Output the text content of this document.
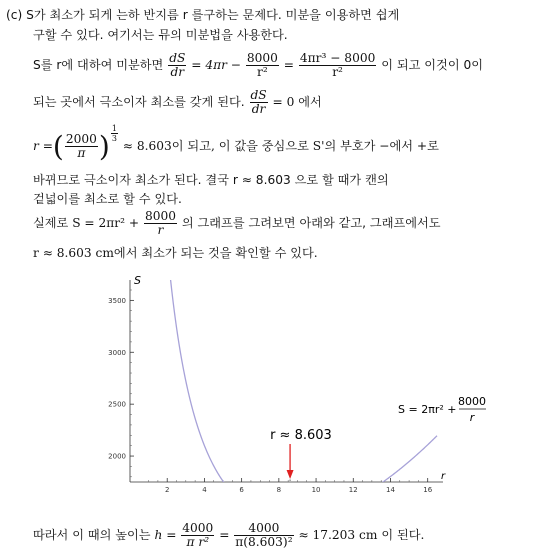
(c) S가 최소가 되게 는하 반지름 r 를구하는 문제다. 미분을 이용하면 쉽게
구할 수 있다. 여기서는 뮤의 미분법을 사용한다.
S를 r에 대하여 미분하면 $\frac{dS}{dr} = 4\pi r - \frac{8000}{\text{r²}} = \frac{\text{4πr³ − 8000}}{\text{r²}}$ 이 되고 이것이 0이
되는 곳에서 극소이자 최소를 갖게 된다. $\frac{dS}{dr} = 0$ 에서
r =( $\frac{2000}{\pi}$ ) $\frac{1}{3}$
≈ 8.603이 되고, 이 값을 중심으로 S'의 부호가 −에서 +로
바뀌므로 극소이자 최소가 된다. 결국 r ≈ 8.603 으로 할 때가 캔의
겉넓이를 최소로 할 수 있다.
실제로 $S = 2\pi r^2 + \frac{8000}{r}$ 의 그래프를 그려보면 아래와 같고, 그래프에서도
r ≈ 8.603 cm에서 최소가 되는 것을 확인할 수 있다.
2	4	6	8	10	12	14	16
2000
2500
3000
3500
r ≈ 8.603
S
r
S = 2πr² +
8000
r
따라서 이 때의 높이는 $h = \frac{4000}{\text{π r²}} = \frac{4000}{\text{π(8.603)²}} \approx 17.203$ cm 이 된다.
